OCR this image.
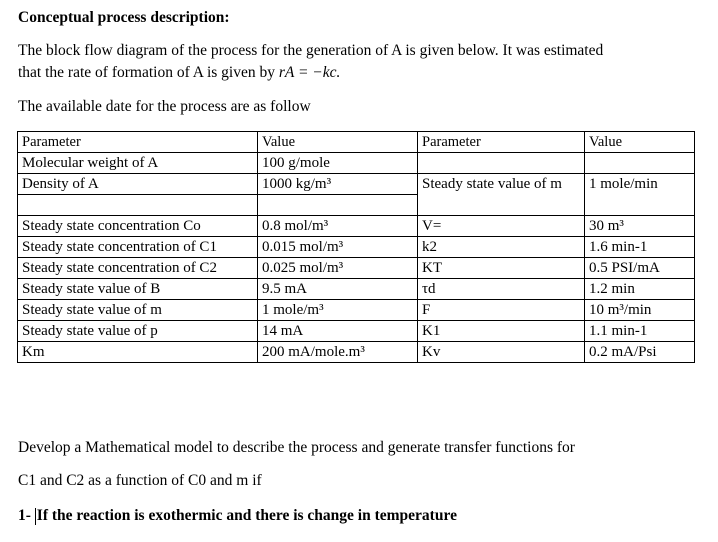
Conceptual process description:
The block flow diagram of the process for the generation of A is given below. It was estimated
that the rate of formation of A is given by rA = −kc.
The available date for the process are as follow
Parameter	Value	Parameter	Value
Molecular weight of A	100 g/mole		
Density of A	1000 kg/m³	Steady state value of m	1 mole/min

Steady state concentration Co	0.8 mol/m³	V=	30 m³
Steady state concentration of C1	0.015 mol/m³	k2	1.6 min-1
Steady state concentration of C2	0.025 mol/m³	KT	0.5 PSI/mA
Steady state value of B	9.5 mA	τd	1.2 min
Steady state value of m	1 mole/m³	F	10 m³/min
Steady state value of p	14 mA	K1	1.1 min-1
Km	200 mA/mole.m³	Kv	0.2 mA/Psi
Develop a Mathematical model to describe the process and generate transfer functions for
C1 and C2 as a function of C0 and m if
1- If the reaction is exothermic and there is change in temperature
